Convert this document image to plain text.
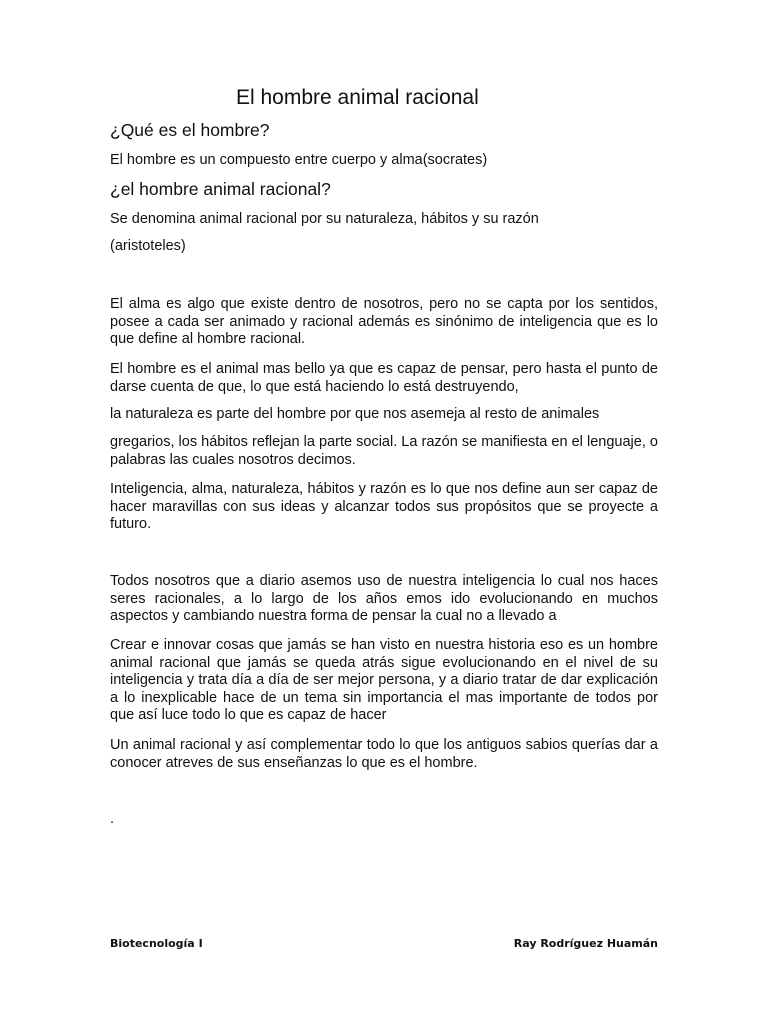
El hombre animal racional
¿Qué es el hombre?

El hombre es un compuesto entre cuerpo y alma(socrates)

¿el hombre animal racional?

Se denomina animal racional por su naturaleza, hábitos y su razón

(aristoteles)

El alma es algo que existe dentro de nosotros, pero no se capta por los sentidos, posee a cada ser animado y racional además es sinónimo de inteligencia que es lo que define al hombre racional.

El hombre es el animal mas bello ya que es capaz de pensar, pero hasta el punto de darse cuenta de que, lo que está haciendo lo está destruyendo,

la naturaleza es parte del hombre por que nos asemeja al resto de animales

gregarios, los hábitos reflejan la parte social. La razón se manifiesta en el lenguaje, o palabras las cuales nosotros decimos.

Inteligencia, alma, naturaleza, hábitos y razón es lo que nos define aun ser capaz de hacer maravillas con sus ideas y alcanzar todos sus propósitos que se proyecte a futuro.

Todos nosotros que a diario asemos uso de nuestra inteligencia lo cual nos haces seres racionales, a lo largo de los años emos ido evolucionando en muchos aspectos y cambiando nuestra forma de pensar la cual no a llevado a

Crear e innovar cosas que jamás se han visto en nuestra historia eso es un hombre animal racional que jamás se queda atrás sigue evolucionando en el nivel de su inteligencia y trata día a día de ser mejor persona, y a diario tratar de dar explicación a lo inexplicable hace de un tema sin importancia el mas importante de todos por que así luce todo lo que es capaz de hacer

Un animal racional y así complementar todo lo que los antiguos sabios querías dar a conocer atreves de sus enseñanzas lo que es el hombre.

.

Biotecnología I	Ray Rodríguez Huamán
